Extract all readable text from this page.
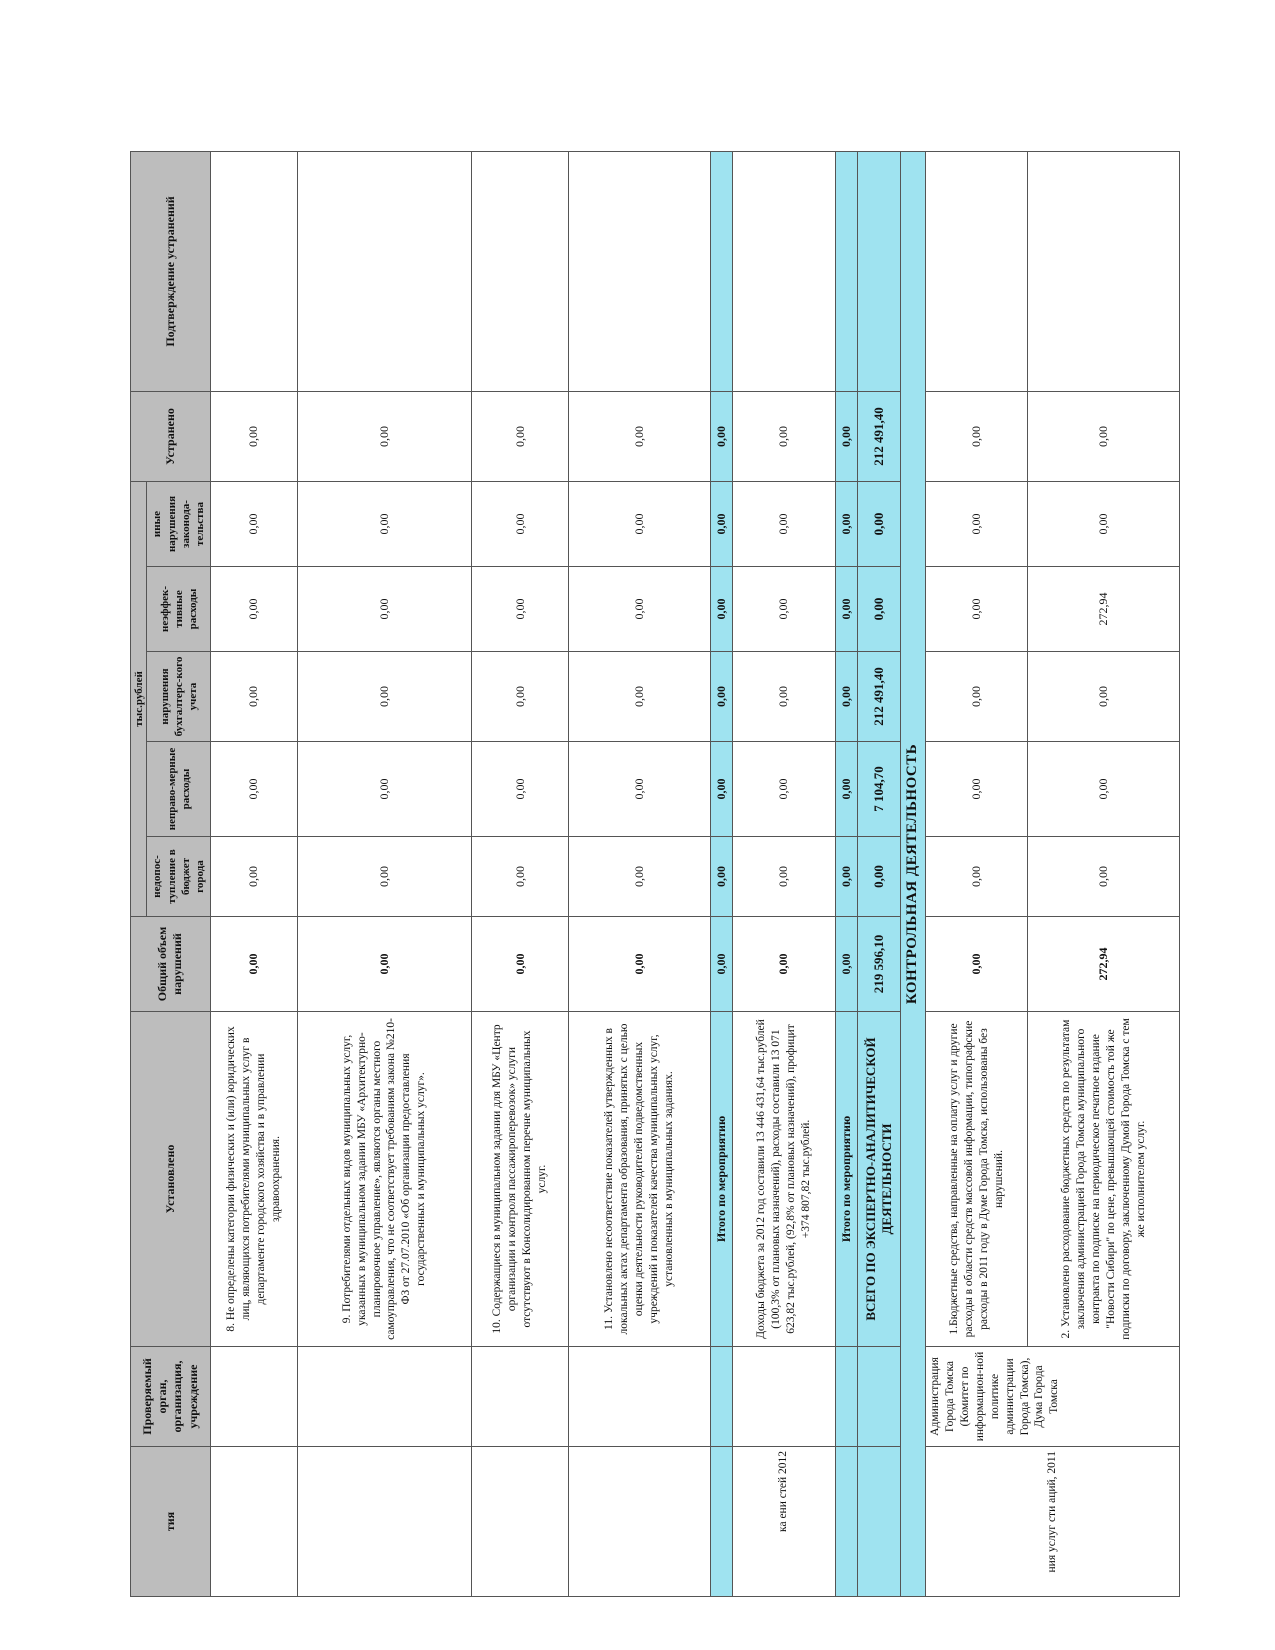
тия	Проверяемый орган, организация, учреждение	Установлено	Общий объем нарушений	тыс.рублей					Устранено	Подтверждение устранений
				недопос-тупление в бюджет города	неправо-мерные расходы	нарушения бухгалтерс-кого учета	неэффек-тивные расходы	иные нарушения законода-тельства		
		8. Не определены категории физических и (или) юридических лиц, являющихся потребителями муниципальных услуг в департаменте городского хозяйства и в управлении здравоохранения.	0,00	0,00	0,00	0,00	0,00	0,00	0,00	
		9. Потребителями отдельных видов муниципальных услуг, указанных в муниципальном задании МБУ «Архитектурно-планировочное управление», являются органы местного самоуправления, что не соответствует требованиям закона №210-ФЗ от 27.07.2010 «Об организации предоставления государственных и муниципальных услуг».	0,00	0,00	0,00	0,00	0,00	0,00	0,00	
		10. Содержащиеся в муниципальном задании для МБУ «Центр организации и контроля пассажироперевозок» услуги отсутствуют в Консолидированном перечне муниципальных услуг.	0,00	0,00	0,00	0,00	0,00	0,00	0,00	
		11. Установлено несоответствие показателей утвержденных в локальных актах департамента образования, принятых с целью оценки деятельности руководителей подведомственных учреждений и показателей качества муниципальных услуг, установленных в муниципальных заданиях.	0,00	0,00	0,00	0,00	0,00	0,00	0,00	
		Итого по мероприятию	0,00	0,00	0,00	0,00	0,00	0,00	0,00	
ка ени стей 2012		Доходы бюджета за 2012 год составили 13 446 431,64 тыс.рублей (100,3% от плановых назначений), расходы составили 13 071 623,82 тыс.рублей, (92,8% от плановых назначений), профицит +374 807,82 тыс.рублей.	0,00	0,00	0,00	0,00	0,00	0,00	0,00	
		Итого по мероприятию	0,00	0,00	0,00	0,00	0,00	0,00	0,00	
		ВСЕГО ПО ЭКСПЕРТНО-АНАЛИТИЧЕСКОЙ ДЕЯТЕЛЬНОСТИ	219 596,10	0,00	7 104,70	212 491,40	0,00	0,00	212 491,40	
КОНТРОЛЬНАЯ ДЕЯТЕЛЬНОСТЬ										
ния услуг сти аций, 2011	Администрация Города Томска (Комитет по информацион-ной политике администрации Города Томска), Дума Города Томска	1.Бюджетные средства, направленные на оплату услуг и другие расходы в области средств массовой информации, типографские расходы в 2011 году в Думе Города Томска, использованы без нарушений.	0,00	0,00	0,00	0,00	0,00	0,00	0,00	
		2. Установлено расходование бюджетных средств по результатам заключения администрацией Города Томска муниципального контракта по подписке на периодическое печатное издание "Новости Сибири" по цене, превышающей стоимость той же подписки по договору, заключенному Думой Города Томска с тем же исполнителем услуг.	272,94	0,00	0,00	0,00	272,94	0,00	0,00	
